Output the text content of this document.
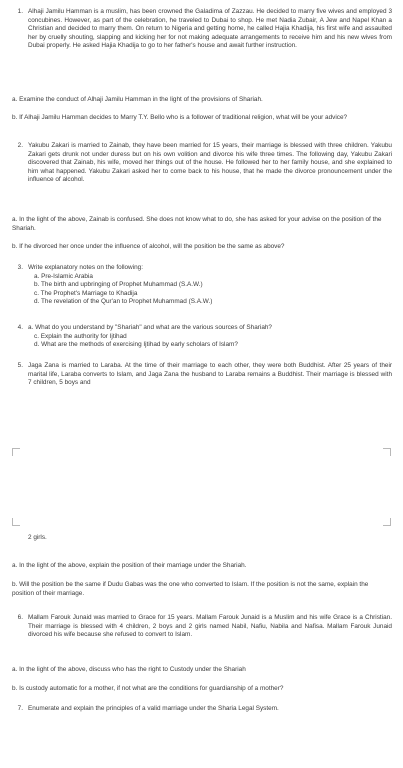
1. Alhaji Jamilu Hamman is a muslim, has been crowned the Galadima of Zazzau. He decided to marry five wives and employed 3 concubines. However, as part of the celebration, he traveled to Dubai to shop. He met Nadia Zubair, A Jew and Napel Khan a Christian and decided to marry them. On return to Nigeria and getting home, he called Hajia Khadija, his first wife and assaulted her by cruelly shouting, slapping and kicking her for not making adequate arrangements to receive him and his new wives from Dubai properly. He asked Hajia Khadija to go to her father's house and await further instruction.

a. Examine the conduct of Alhaji Jamilu Hamman in the light of the provisions of Shariah.

b. If Alhaji Jamilu Hamman decides to Marry T.Y. Bello who is a follower of traditional religion, what will be your advice?

2. Yakubu Zakari is married to Zainab, they have been married for 15 years, their marriage is blessed with three children. Yakubu Zakari gets drunk not under duress but on his own volition and divorce his wife three times. The following day, Yakubu Zakari discovered that Zainab, his wife, moved her things out of the house. He followed her to her family house, and she explained to him what happened. Yakubu Zakari asked her to come back to his house, that he made the divorce pronouncement under the influence of alcohol.

a. In the light of the above, Zainab is confused. She does not know what to do, she has asked for your advise on the position of the Shariah.

b. If he divorced her once under the influence of alcohol, will the position be the same as above?

3. Write explanatory notes on the following:

a. Pre-Islamic Arabia

b. The birth and upbringing of Prophet Muhammad (S.A.W.)

c. The Prophet's Marriage to Khadija

d. The revelation of the Qur'an to Prophet Muhammad (S.A.W.)

4. a. What do you understand by "Shariah" and what are the various sources of Shariah?

c. Explain the authority for Ijtihad

d. What are the methods of exercising Ijtihad by early scholars of Islam?

5. Jaga Zana is married to Laraba. At the time of their marriage to each other, they were both Buddhist. After 25 years of their marital life, Laraba converts to Islam, and Jaga Zana the husband to Laraba remains a Buddhist. Their marriage is blessed with 7 children, 5 boys and

2 girls.

a. In the light of the above, explain the position of their marriage under the Shariah.

b. Will the position be the same if Dudu Gabas was the one who converted to Islam. If the position is not the same, explain the position of their marriage.

6. Mallam Farouk Junaid was married to Grace for 15 years. Mallam Farouk Junaid is a Muslim and his wife Grace is a Christian. Their marriage is blessed with 4 children, 2 boys and 2 girls named Nabil, Nafiu, Nabila and Nafisa. Mallam Farouk Junaid divorced his wife because she refused to convert to Islam.

a. In the light of the above, discuss who has the right to Custody under the Shariah

b. Is custody automatic for a mother, if not what are the conditions for guardianship of a mother?

7. Enumerate and explain the principles of a valid marriage under the Sharia Legal System.
